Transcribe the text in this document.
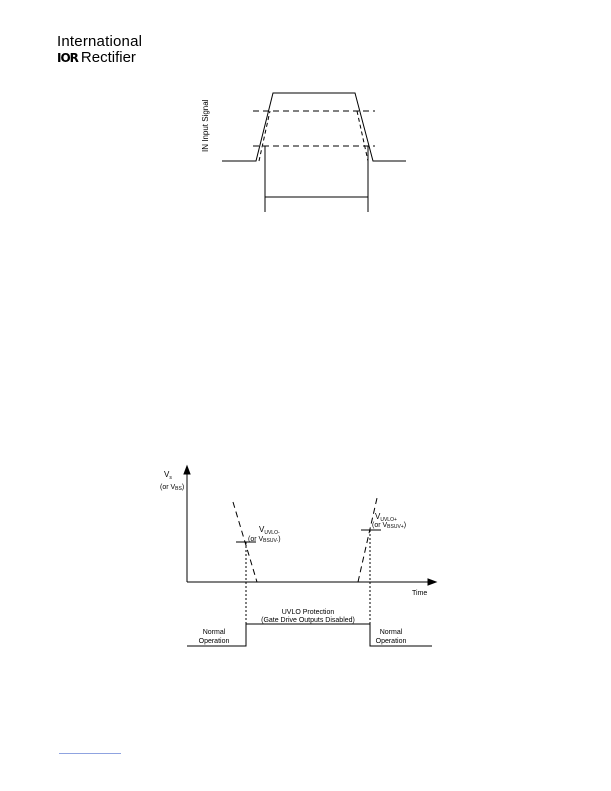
International
IOR Rectifier
IN Input Signal
$V_s$
(or VBS)
Time
$V_{UVLO-}$
(or VBSUV-)
$V_{UVLO+}$
(or VBSUV+)
UVLO Protection
(Gate Drive Outputs Disabled)
Normal
Operation
Normal
Operation
